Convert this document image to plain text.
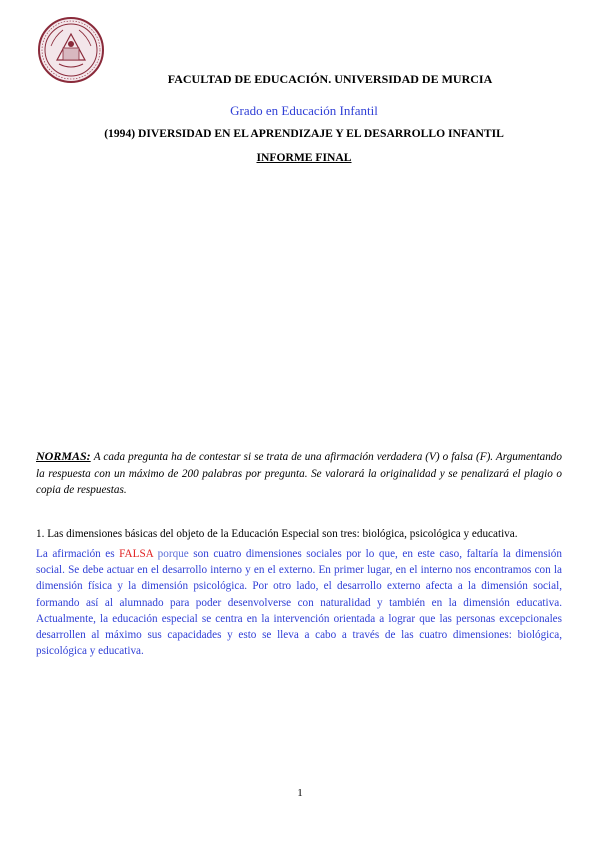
FACULTAD DE EDUCACIÓN. UNIVERSIDAD DE MURCIA
Grado en Educación Infantil
(1994) DIVERSIDAD EN EL APRENDIZAJE Y EL DESARROLLO INFANTIL
INFORME FINAL
NORMAS: A cada pregunta ha de contestar si se trata de una afirmación verdadera (V) o falsa (F). Argumentando la respuesta con un máximo de 200 palabras por pregunta. Se valorará la originalidad y se penalizará el plagio o copia de respuestas.
1. Las dimensiones básicas del objeto de la Educación Especial son tres: biológica, psicológica y educativa.
La afirmación es FALSA porque son cuatro dimensiones sociales por lo que, en este caso, faltaría la dimensión social. Se debe actuar en el desarrollo interno y en el externo. En primer lugar, en el interno nos encontramos con la dimensión física y la dimensión psicológica. Por otro lado, el desarrollo externo afecta a la dimensión social, formando así al alumnado para poder desenvolverse con naturalidad y también en la dimensión educativa. Actualmente, la educación especial se centra en la intervención orientada a lograr que las personas excepcionales desarrollen al máximo sus capacidades y esto se lleva a cabo a través de las cuatro dimensiones: biológica, psicológica y educativa.
1
